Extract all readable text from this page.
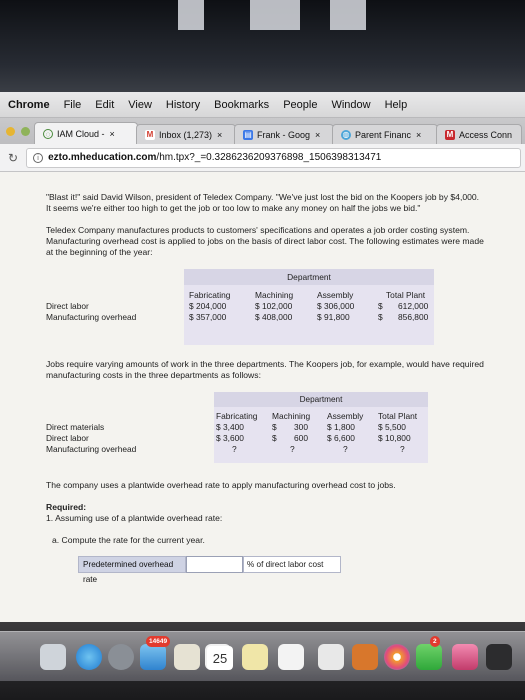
Chrome File Edit View History Bookmarks People Window Help
◌ IAM Cloud - ×	M Inbox (1,273) ×	▤ Frank - Goog ×	◍ Parent Financ ×	M Access Conn
↻	i ezto.mheducation.com /hm.tpx?_=0.3286236209376898_1506398313471

"Blast it!" said David Wilson, president of Teledex Company. "We've just lost the bid on the Koopers job by $4,000. It seems we're either too high to get the job or too low to make any money on half the jobs we bid."

Teledex Company manufactures products to customers' specifications and operates a job order costing system. Manufacturing overhead cost is applied to jobs on the basis of direct labor cost. The following estimates were made at the beginning of the year:

Department
Fabricating	Machining	Assembly	Total Plant
Direct labor	$ 204,000	$ 102,000	$ 306,000	$ 612,000
Manufacturing overhead	$ 357,000	$ 408,000	$ 91,800	$ 856,800

Jobs require varying amounts of work in the three departments. The Koopers job, for example, would have required manufacturing costs in the three departments as follows:

Department
Fabricating Machining Assembly Total Plant
Direct materials	$ 3,400	$ 300 $ 1,800	$ 5,500
Direct labor	$ 3,600	$ 600 $ 6,600	$ 10,800
Manufacturing overhead	?	?	?	?

The company uses a plantwide overhead rate to apply manufacturing overhead cost to jobs.

Required:

1. Assuming use of a plantwide overhead rate:

a. Compute the rate for the current year.

Predetermined overhead rate
% of direct labor cost
14649
25
2
